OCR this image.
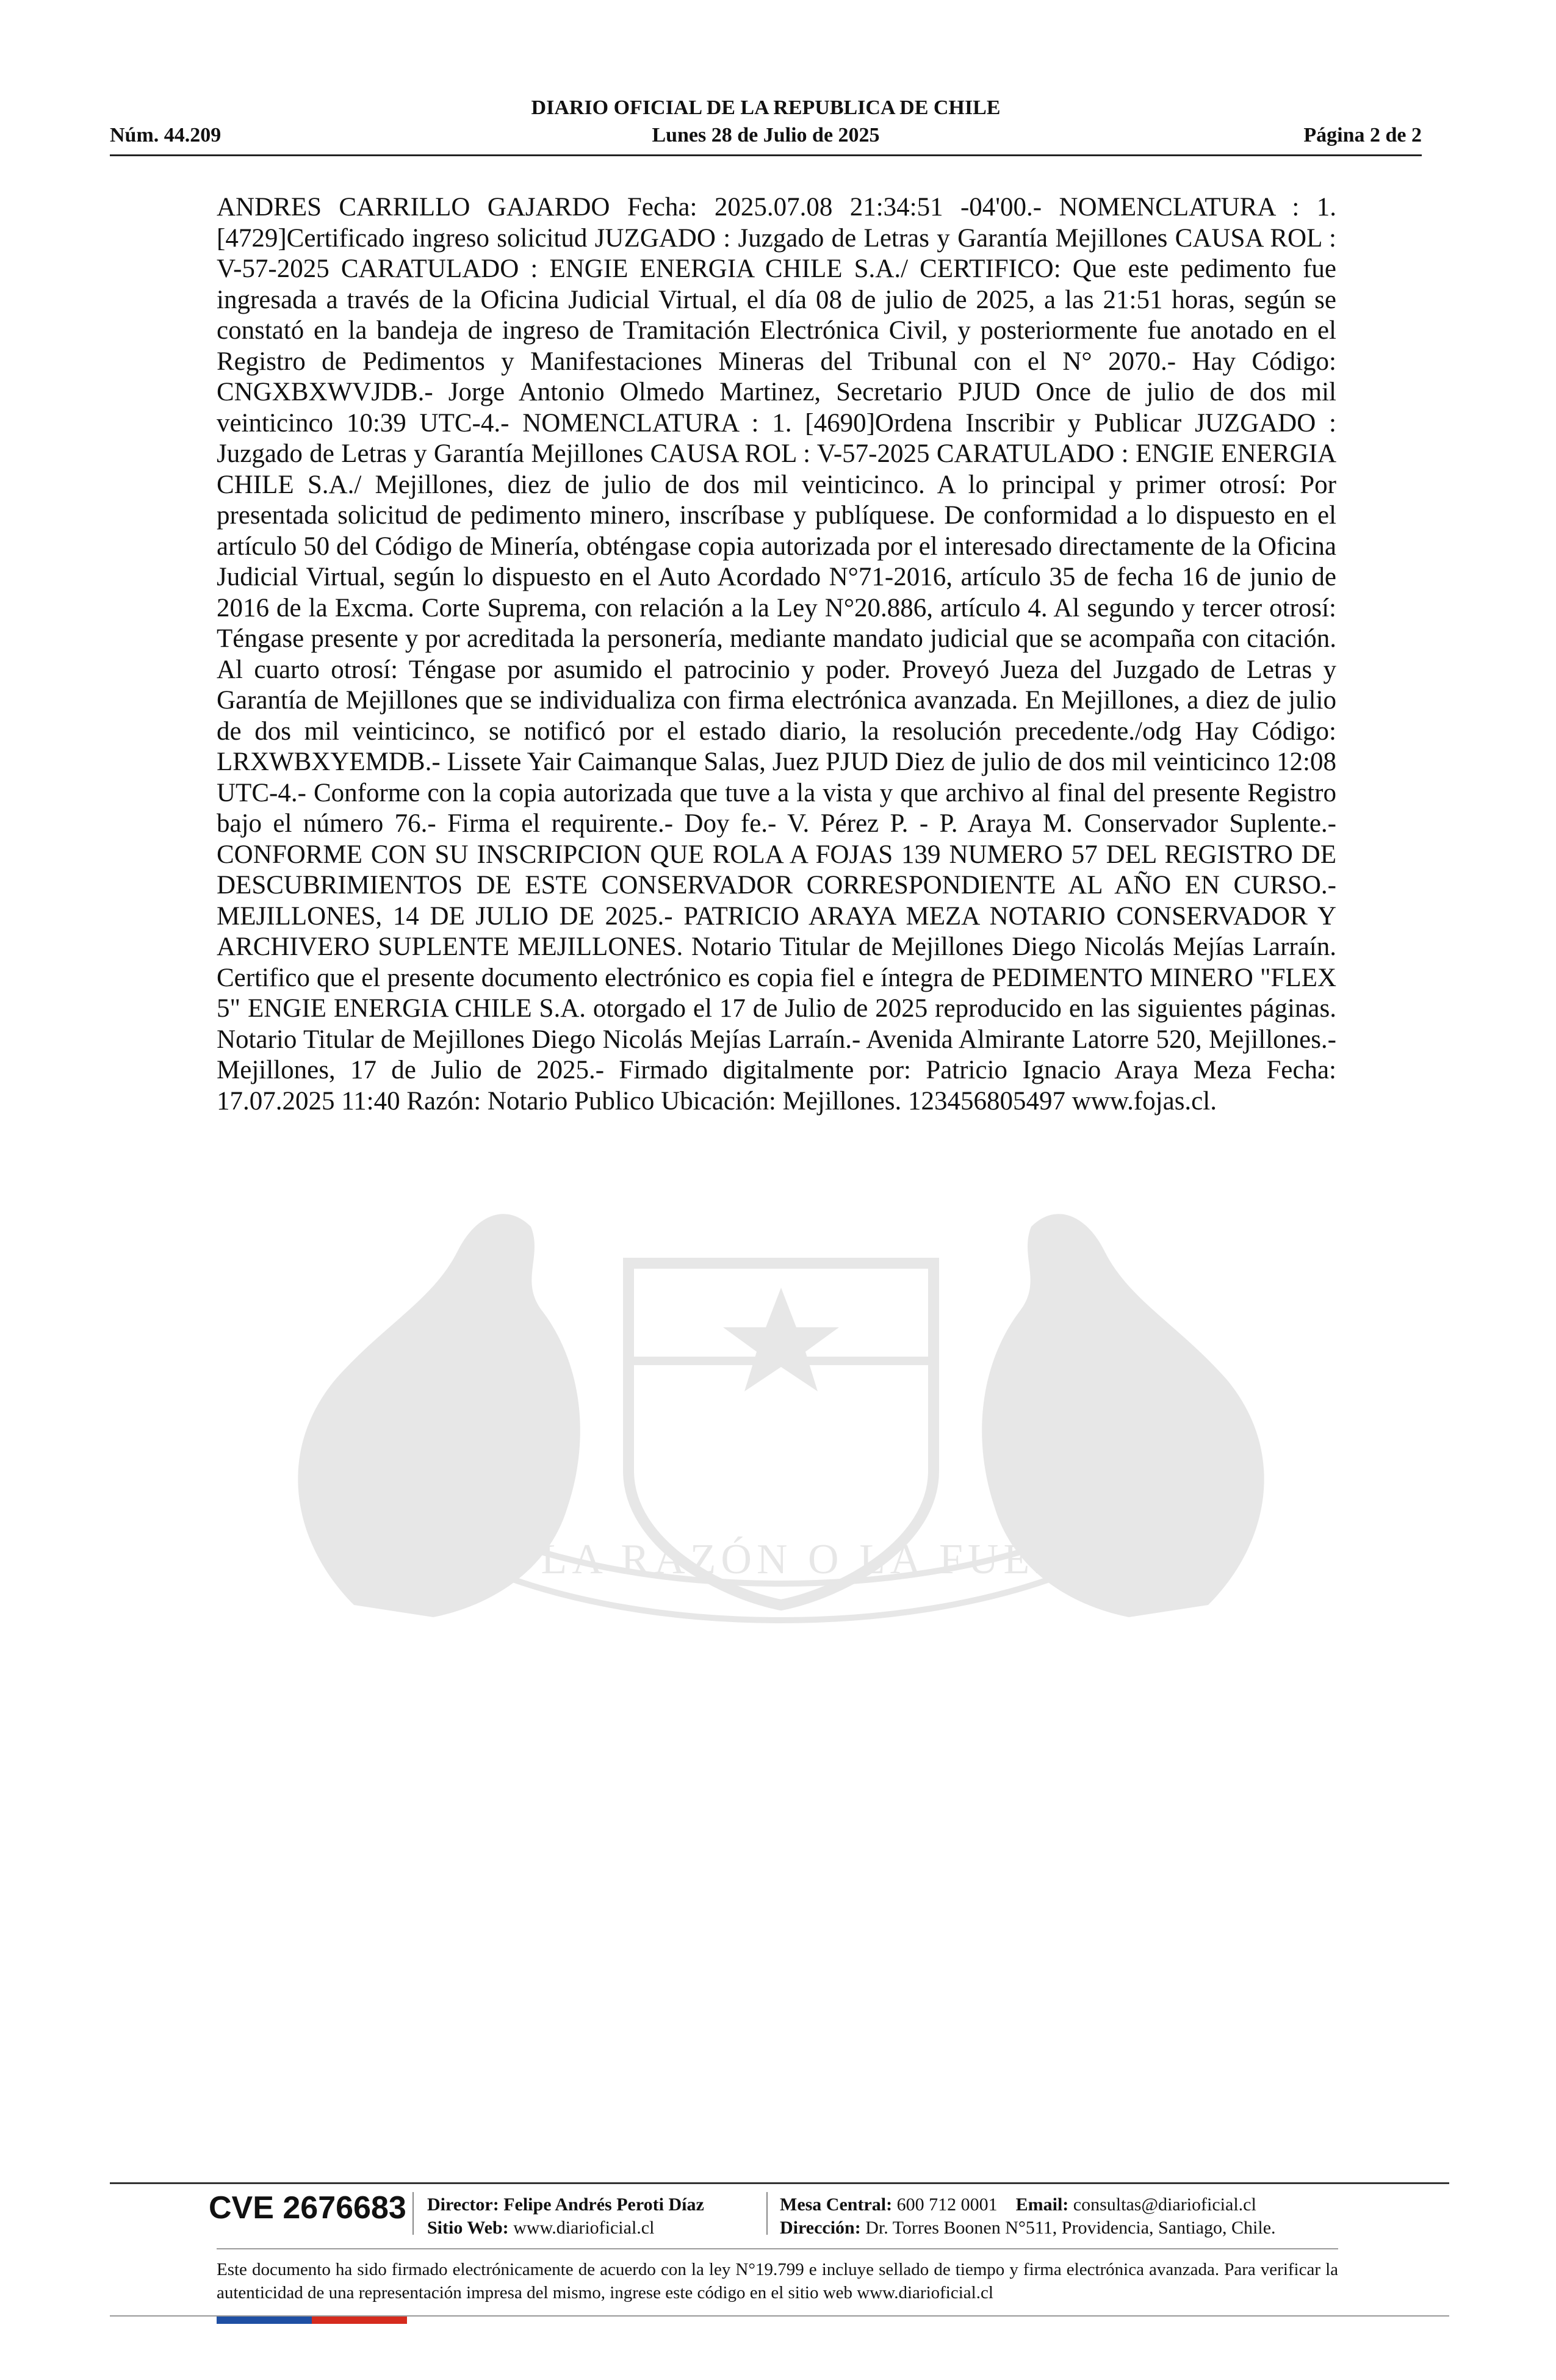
DIARIO OFICIAL DE LA REPUBLICA DE CHILE
Núm. 44.209	Lunes 28 de Julio de 2025	Página 2 de 2
POR LA RAZÓN O LA FUERZA
ANDRES CARRILLO GAJARDO Fecha: 2025.07.08 21:34:51 -04'00.- NOMENCLATURA : 1. [4729]Certificado ingreso solicitud JUZGADO : Juzgado de Letras y Garantía Mejillones CAUSA ROL : V-57-2025 CARATULADO : ENGIE ENERGIA CHILE S.A./ CERTIFICO: Que este pedimento fue ingresada a través de la Oficina Judicial Virtual, el día 08 de julio de 2025, a las 21:51 horas, según se constató en la bandeja de ingreso de Tramitación Electrónica Civil, y posteriormente fue anotado en el Registro de Pedimentos y Manifestaciones Mineras del Tribunal con el N° 2070.- Hay Código: CNGXBXWVJDB.- Jorge Antonio Olmedo Martinez, Secretario PJUD Once de julio de dos mil veinticinco 10:39 UTC-4.- NOMENCLATURA : 1. [4690]Ordena Inscribir y Publicar JUZGADO : Juzgado de Letras y Garantía Mejillones CAUSA ROL : V-57-2025 CARATULADO : ENGIE ENERGIA CHILE S.A./ Mejillones, diez de julio de dos mil veinticinco. A lo principal y primer otrosí: Por presentada solicitud de pedimento minero, inscríbase y publíquese. De conformidad a lo dispuesto en el artículo 50 del Código de Minería, obténgase copia autorizada por el interesado directamente de la Oficina Judicial Virtual, según lo dispuesto en el Auto Acordado N°71-2016, artículo 35 de fecha 16 de junio de 2016 de la Excma. Corte Suprema, con relación a la Ley N°20.886, artículo 4. Al segundo y tercer otrosí: Téngase presente y por acreditada la personería, mediante mandato judicial que se acompaña con citación. Al cuarto otrosí: Téngase por asumido el patrocinio y poder. Proveyó Jueza del Juzgado de Letras y Garantía de Mejillones que se individualiza con firma electrónica avanzada. En Mejillones, a diez de julio de dos mil veinticinco, se notificó por el estado diario, la resolución precedente./odg Hay Código: LRXWBXYEMDB.- Lissete Yair Caimanque Salas, Juez PJUD Diez de julio de dos mil veinticinco 12:08 UTC-4.- Conforme con la copia autorizada que tuve a la vista y que archivo al final del presente Registro bajo el número 76.- Firma el requirente.- Doy fe.- V. Pérez P. - P. Araya M. Conservador Suplente.- CONFORME CON SU INSCRIPCION QUE ROLA A FOJAS 139 NUMERO 57 DEL REGISTRO DE DESCUBRIMIENTOS DE ESTE CONSERVADOR CORRESPONDIENTE AL AÑO EN CURSO.- MEJILLONES, 14 DE JULIO DE 2025.- PATRICIO ARAYA MEZA NOTARIO CONSERVADOR Y ARCHIVERO SUPLENTE MEJILLONES. Notario Titular de Mejillones Diego Nicolás Mejías Larraín. Certifico que el presente documento electrónico es copia fiel e íntegra de PEDIMENTO MINERO "FLEX 5" ENGIE ENERGIA CHILE S.A. otorgado el 17 de Julio de 2025 reproducido en las siguientes páginas. Notario Titular de Mejillones Diego Nicolás Mejías Larraín.- Avenida Almirante Latorre 520, Mejillones.- Mejillones, 17 de Julio de 2025.- Firmado digitalmente por: Patricio Ignacio Araya Meza Fecha: 17.07.2025 11:40 Razón: Notario Publico Ubicación: Mejillones. 123456805497 www.fojas.cl.
CVE 2676683 Director: Felipe Andrés Peroti Díaz
Sitio Web: www.diarioficial.cl
Mesa Central: 600 712 0001 Email: consultas@diarioficial.cl
Dirección: Dr. Torres Boonen N°511, Providencia, Santiago, Chile.
Este documento ha sido firmado electrónicamente de acuerdo con la ley N°19.799 e incluye sellado de tiempo y firma electrónica avanzada. Para verificar la autenticidad de una representación impresa del mismo, ingrese este código en el sitio web www.diarioficial.cl
